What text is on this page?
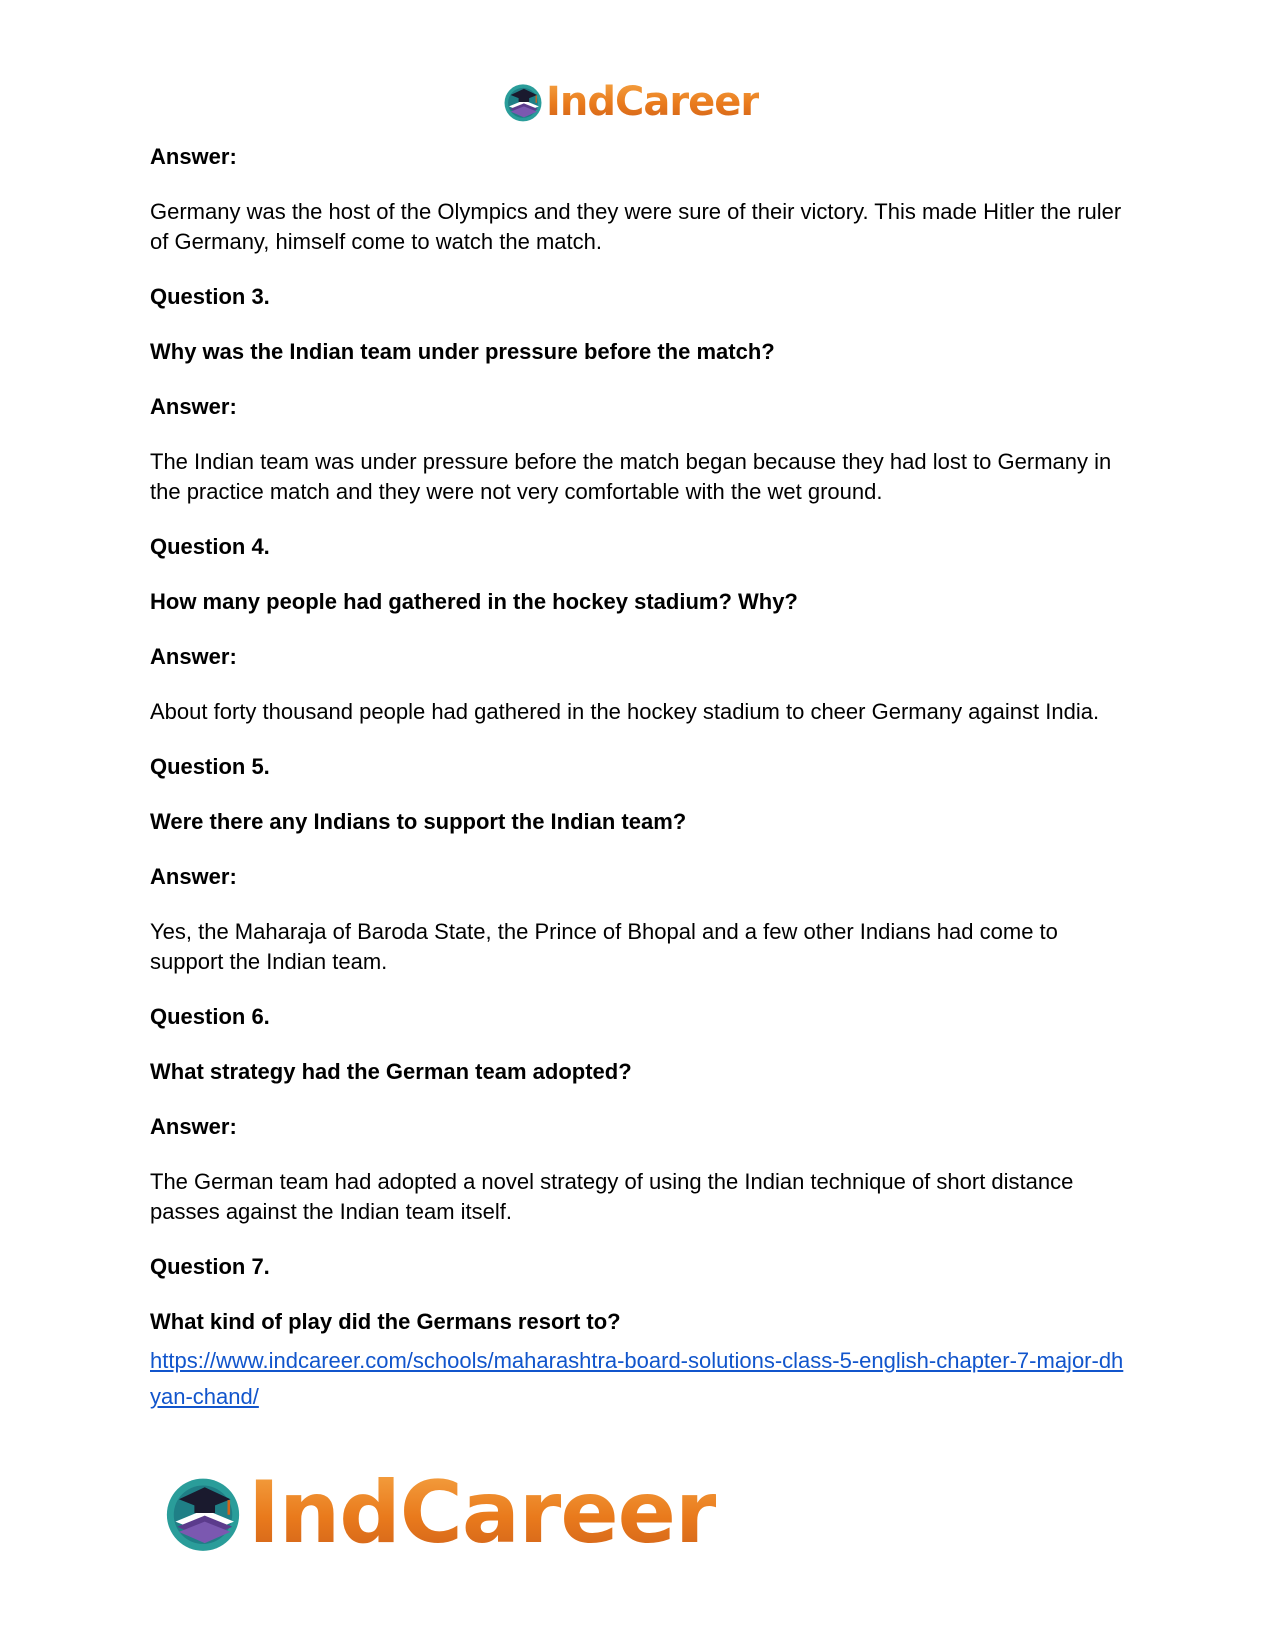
IndCareer

Answer:

Germany was the host of the Olympics and they were sure of their victory. This made Hitler the ruler of Germany, himself come to watch the match.

Question 3.

Why was the Indian team under pressure before the match?

Answer:

The Indian team was under pressure before the match began because they had lost to Germany in the practice match and they were not very comfortable with the wet ground.

Question 4.

How many people had gathered in the hockey stadium? Why?

Answer:

About forty thousand people had gathered in the hockey stadium to cheer Germany against India.

Question 5.

Were there any Indians to support the Indian team?

Answer:

Yes, the Maharaja of Baroda State, the Prince of Bhopal and a few other Indians had come to support the Indian team.

Question 6.

What strategy had the German team adopted?

Answer:

The German team had adopted a novel strategy of using the Indian technique of short distance passes against the Indian team itself.

Question 7.

What kind of play did the Germans resort to?

https://www.indcareer.com/schools/maharashtra-board-solutions-class-5-english-chapter-7-major-dhyan-chand/
IndCareer
